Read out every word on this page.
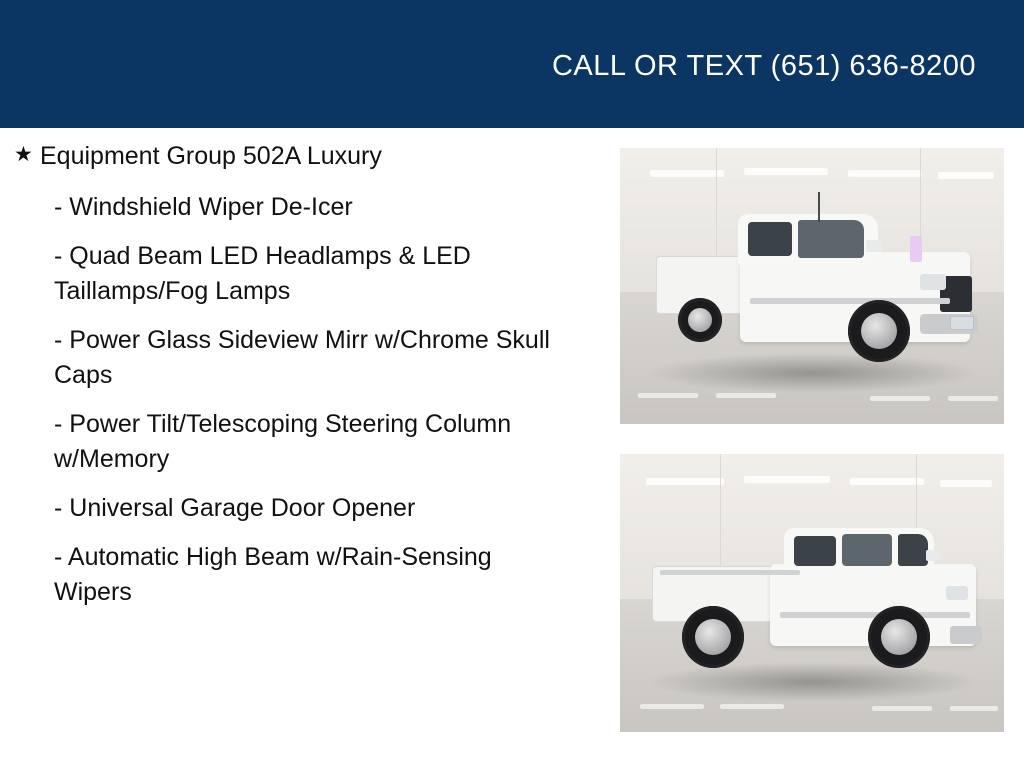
CALL OR TEXT (651) 636-8200
★ Equipment Group 502A Luxury
- Windshield Wiper De-Icer
- Quad Beam LED Headlamps & LED Taillamps/Fog Lamps
- Power Glass Sideview Mirr w/Chrome Skull Caps
- Power Tilt/Telescoping Steering Column w/Memory
- Universal Garage Door Opener
- Automatic High Beam w/Rain-Sensing Wipers
